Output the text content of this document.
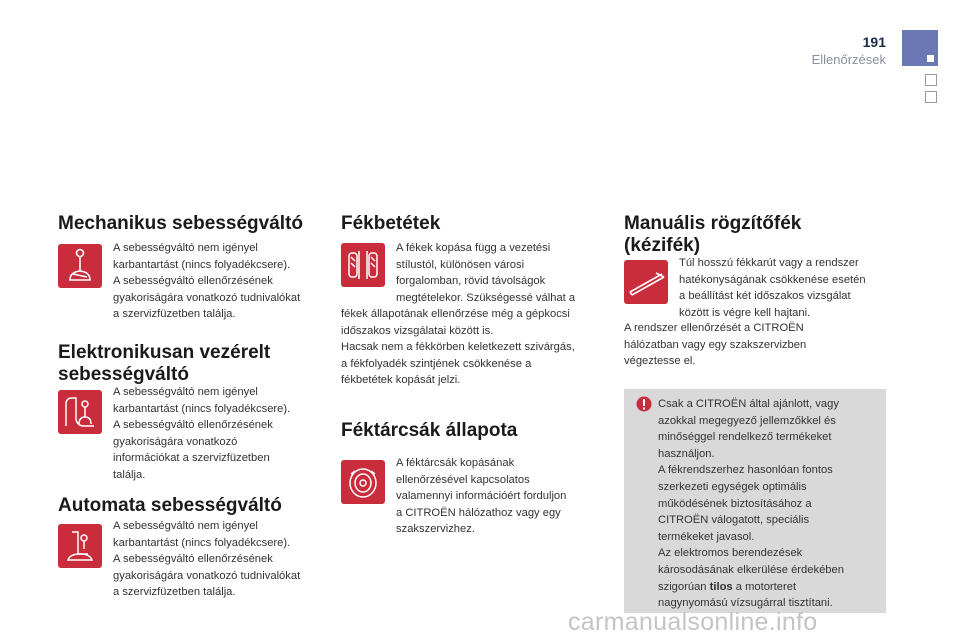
191
Ellenőrzések
Mechanikus sebességváltó
A sebességváltó nem igényel
karbantartást (nincs folyadékcsere).
A sebességváltó ellenőrzésének
gyakoriságára vonatkozó tudnivalókat
a szervizfüzetben találja.
Elektronikusan vezérelt
sebességváltó
A sebességváltó nem igényel
karbantartást (nincs folyadékcsere).
A sebességváltó ellenőrzésének
gyakoriságára vonatkozó
információkat a szervizfüzetben
találja.
Automata sebességváltó
A sebességváltó nem igényel
karbantartást (nincs folyadékcsere).
A sebességváltó ellenőrzésének
gyakoriságára vonatkozó tudnivalókat
a szervizfüzetben találja.
Fékbetétek
A fékek kopása függ a vezetési
stílustól, különösen városi
forgalomban, rövid távolságok
megtételekor. Szükségessé válhat a
fékek állapotának ellenőrzése még a gépkocsi
időszakos vizsgálatai között is.
Hacsak nem a fékkörben keletkezett szivárgás,
a fékfolyadék szintjének csökkenése a
fékbetétek kopását jelzi.
Féktárcsák állapota
A féktárcsák kopásának
ellenőrzésével kapcsolatos
valamennyi információért forduljon
a CITROËN hálózathoz vagy egy
szakszervizhez.
Manuális rögzítőfék
(kézifék)
Túl hosszú fékkarút vagy a rendszer
hatékonyságának csökkenése esetén
a beállítást két időszakos vizsgálat
között is végre kell hajtani.
A rendszer ellenőrzését a CITROËN
hálózatban vagy egy szakszervizben
végeztesse el.
Csak a CITROËN által ajánlott, vagy
azokkal megegyező jellemzőkkel és
minőséggel rendelkező termékeket
használjon.
A fékrendszerhez hasonlóan fontos
szerkezeti egységek optimális
működésének biztosításához a
CITROËN válogatott, speciális
termékeket javasol.
Az elektromos berendezések
károsodásának elkerülése érdekében
szigorúan tilos a motorteret
nagynyomású vízsugárral tisztítani.
carmanualsonline.info
